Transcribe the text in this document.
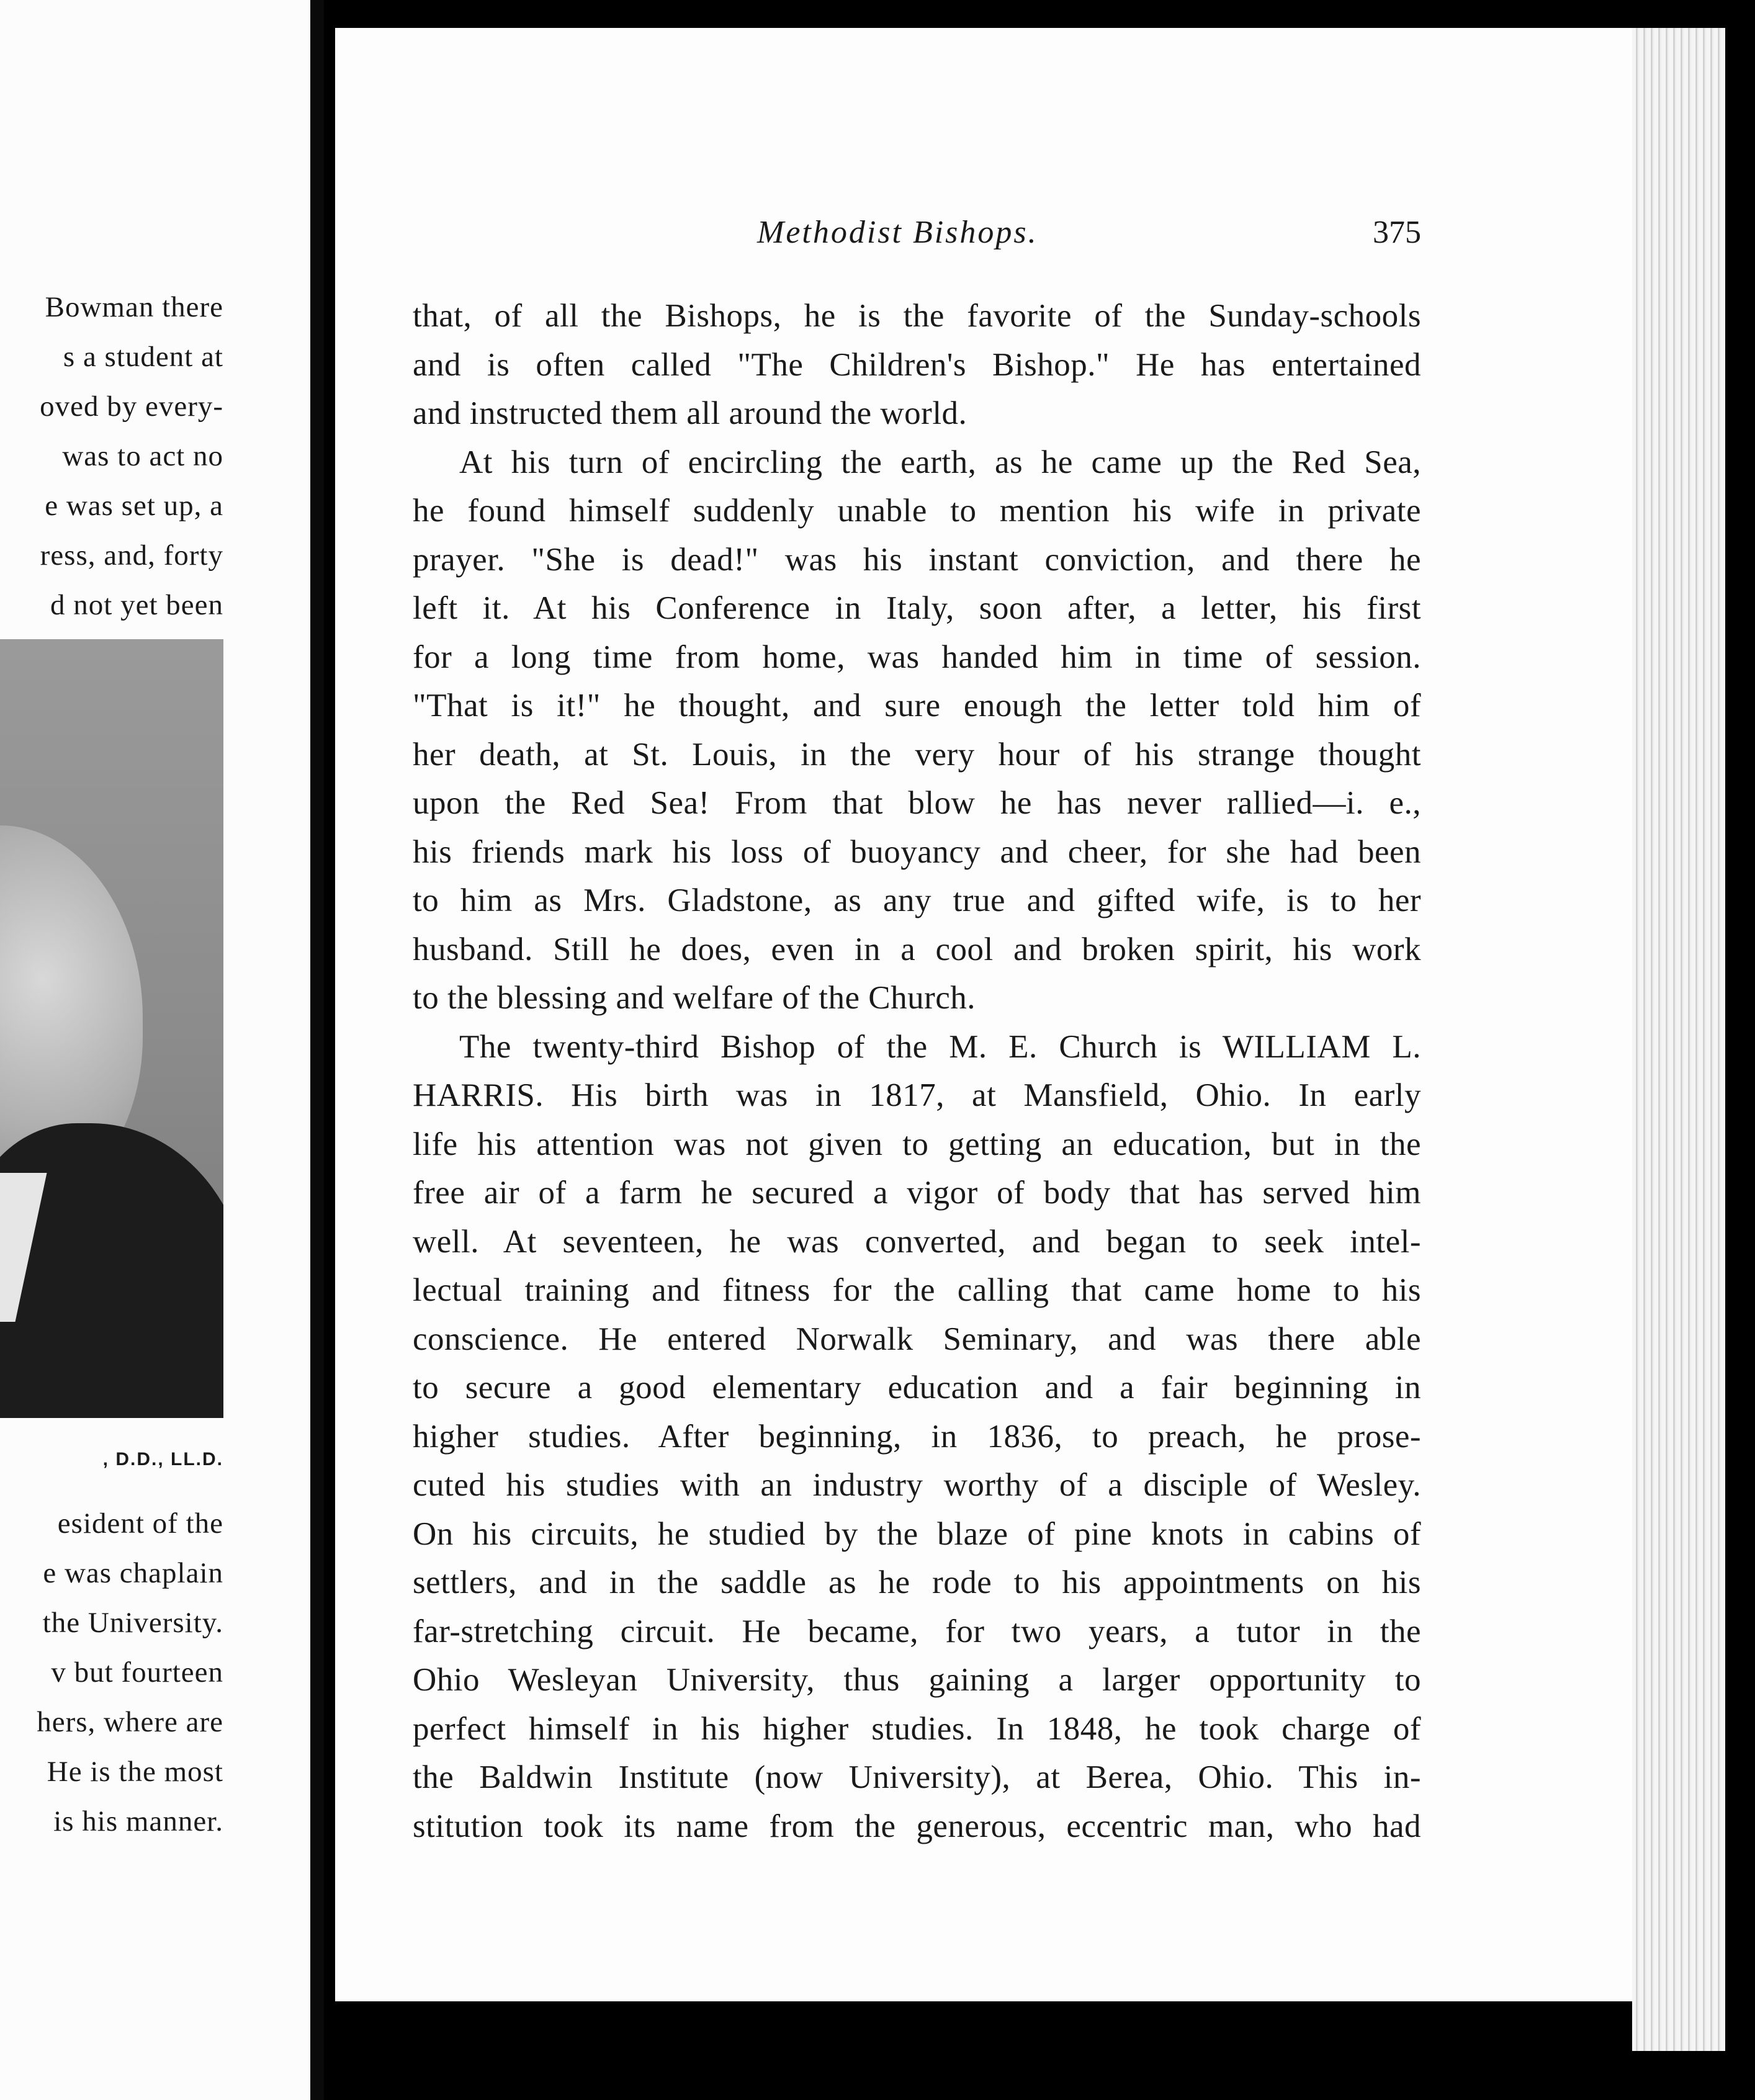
Bowman there
s a student at
oved by every-
was to act no
e was set up, a
ress, and, forty
d not yet been
, D.D., LL.D.
esident of the
e was chaplain
the University.
v but fourteen
hers, where are
He is the most
is his manner.
Methodist Bishops.	375
that, of all the Bishops, he is the favorite of the Sunday-schools
and is often called "The Children's Bishop." He has entertained
and instructed them all around the world.
At his turn of encircling the earth, as he came up the Red Sea,
he found himself suddenly unable to mention his wife in private
prayer. "She is dead!" was his instant conviction, and there he
left it. At his Conference in Italy, soon after, a letter, his first
for a long time from home, was handed him in time of session.
"That is it!" he thought, and sure enough the letter told him of
her death, at St. Louis, in the very hour of his strange thought
upon the Red Sea! From that blow he has never rallied—i. e.,
his friends mark his loss of buoyancy and cheer, for she had been
to him as Mrs. Gladstone, as any true and gifted wife, is to her
husband. Still he does, even in a cool and broken spirit, his work
to the blessing and welfare of the Church.
The twenty-third Bishop of the M. E. Church is WILLIAM L.
HARRIS. His birth was in 1817, at Mansfield, Ohio. In early
life his attention was not given to getting an education, but in the
free air of a farm he secured a vigor of body that has served him
well. At seventeen, he was converted, and began to seek intel-
lectual training and fitness for the calling that came home to his
conscience. He entered Norwalk Seminary, and was there able
to secure a good elementary education and a fair beginning in
higher studies. After beginning, in 1836, to preach, he prose-
cuted his studies with an industry worthy of a disciple of Wesley.
On his circuits, he studied by the blaze of pine knots in cabins of
settlers, and in the saddle as he rode to his appointments on his
far-stretching circuit. He became, for two years, a tutor in the
Ohio Wesleyan University, thus gaining a larger opportunity to
perfect himself in his higher studies. In 1848, he took charge of
the Baldwin Institute (now University), at Berea, Ohio. This in-
stitution took its name from the generous, eccentric man, who had
